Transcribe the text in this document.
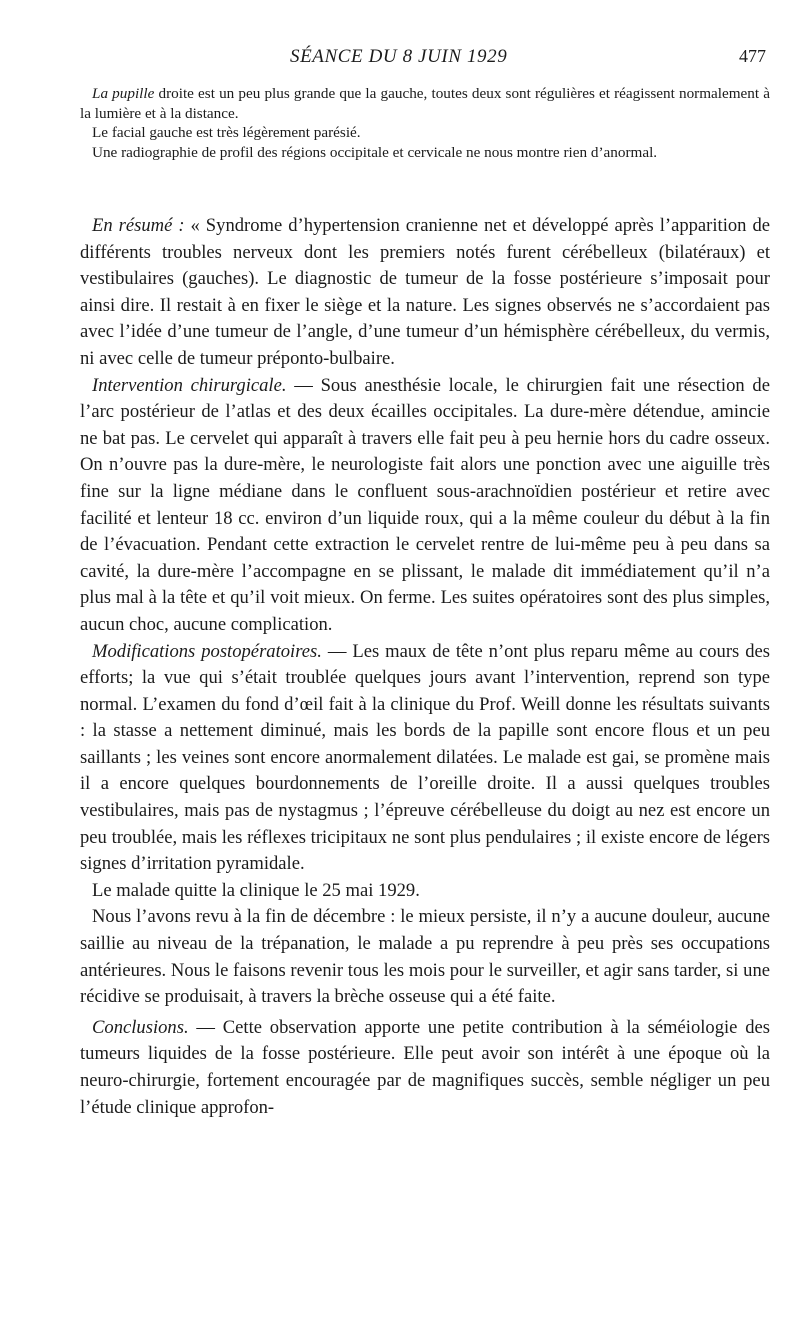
SÉANCE DU 8 JUIN 1929	477

La pupille droite est un peu plus grande que la gauche, toutes deux sont régulières et réagissent normalement à la lumière et à la distance.

Le facial gauche est très légèrement parésié.

Une radiographie de profil des régions occipitale et cervicale ne nous montre rien d’anormal.

En résumé : « Syndrome d’hypertension cranienne net et développé après l’apparition de différents troubles nerveux dont les premiers notés furent cérébelleux (bilatéraux) et vestibulaires (gauches). Le diagnostic de tumeur de la fosse postérieure s’imposait pour ainsi dire. Il restait à en fixer le siège et la nature. Les signes observés ne s’accordaient pas avec l’idée d’une tumeur de l’angle, d’une tumeur d’un hémisphère cérébelleux, du vermis, ni avec celle de tumeur préponto-bulbaire.

Intervention chirurgicale. — Sous anesthésie locale, le chirurgien fait une résection de l’arc postérieur de l’atlas et des deux écailles occipitales. La dure-mère détendue, amincie ne bat pas. Le cervelet qui apparaît à travers elle fait peu à peu hernie hors du cadre osseux. On n’ouvre pas la dure-mère, le neurologiste fait alors une ponction avec une aiguille très fine sur la ligne médiane dans le confluent sous-arachnoïdien postérieur et retire avec facilité et lenteur 18 cc. environ d’un liquide roux, qui a la même couleur du début à la fin de l’évacuation. Pendant cette extraction le cervelet rentre de lui-même peu à peu dans sa cavité, la dure-mère l’accompagne en se plissant, le malade dit immédiatement qu’il n’a plus mal à la tête et qu’il voit mieux. On ferme. Les suites opératoires sont des plus simples, aucun choc, aucune complication.

Modifications postopératoires. — Les maux de tête n’ont plus reparu même au cours des efforts; la vue qui s’était troublée quelques jours avant l’intervention, reprend son type normal. L’examen du fond d’œil fait à la clinique du Prof. Weill donne les résultats suivants : la stasse a nettement diminué, mais les bords de la papille sont encore flous et un peu saillants ; les veines sont encore anormalement dilatées. Le malade est gai, se promène mais il a encore quelques bourdonnements de l’oreille droite. Il a aussi quelques troubles vestibulaires, mais pas de nystagmus ; l’épreuve cérébelleuse du doigt au nez est encore un peu troublée, mais les réflexes tricipitaux ne sont plus pendulaires ; il existe encore de légers signes d’irritation pyramidale.

Le malade quitte la clinique le 25 mai 1929.

Nous l’avons revu à la fin de décembre : le mieux persiste, il n’y a aucune douleur, aucune saillie au niveau de la trépanation, le malade a pu reprendre à peu près ses occupations antérieures. Nous le faisons revenir tous les mois pour le surveiller, et agir sans tarder, si une récidive se produisait, à travers la brèche osseuse qui a été faite.

Conclusions. — Cette observation apporte une petite contribution à la séméiologie des tumeurs liquides de la fosse postérieure. Elle peut avoir son intérêt à une époque où la neuro-chirurgie, fortement encouragée par de magnifiques succès, semble négliger un peu l’étude clinique approfon-
